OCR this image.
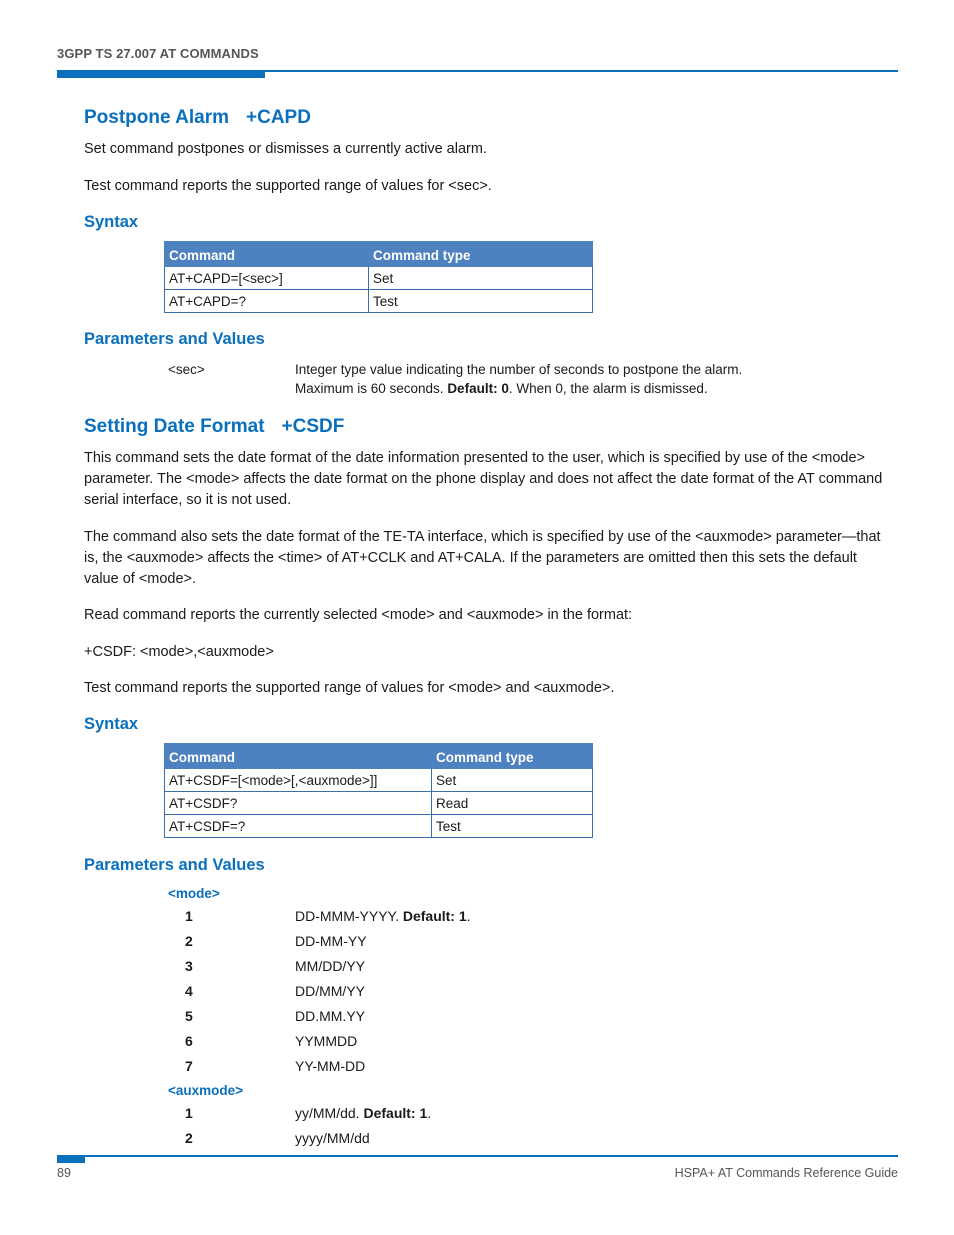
3GPP TS 27.007 AT COMMANDS
Postpone Alarm +CAPD
Set command postpones or dismisses a currently active alarm.
Test command reports the supported range of values for <sec>.
Syntax
Command	Command type
AT+CAPD=[<sec>]	Set
AT+CAPD=?	Test
Parameters and Values
<sec>	Integer type value indicating the number of seconds to postpone the alarm.
Maximum is 60 seconds. Default: 0. When 0, the alarm is dismissed.
Setting Date Format +CSDF
This command sets the date format of the date information presented to the user, which is specified by use of the <mode> parameter. The <mode> affects the date format on the phone display and does not affect the date format of the AT command serial interface, so it is not used.
The command also sets the date format of the TE-TA interface, which is specified by use of the <auxmode> parameter—that is, the <auxmode> affects the <time> of AT+CCLK and AT+CALA. If the parameters are omitted then this sets the default value of <mode>.
Read command reports the currently selected <mode> and <auxmode> in the format:
+CSDF: <mode>,<auxmode>
Test command reports the supported range of values for <mode> and <auxmode>.
Syntax
Command	Command type
AT+CSDF=[<mode>[,<auxmode>]]	Set
AT+CSDF?	Read
AT+CSDF=?	Test
Parameters and Values
<mode>
1	DD-MMM-YYYY. Default: 1.
2	DD-MM-YY
3	MM/DD/YY
4	DD/MM/YY
5	DD.MM.YY
6	YYMMDD
7	YY-MM-DD
<auxmode>
1	yy/MM/dd. Default: 1.
2	yyyy/MM/dd
89	HSPA+ AT Commands Reference Guide
